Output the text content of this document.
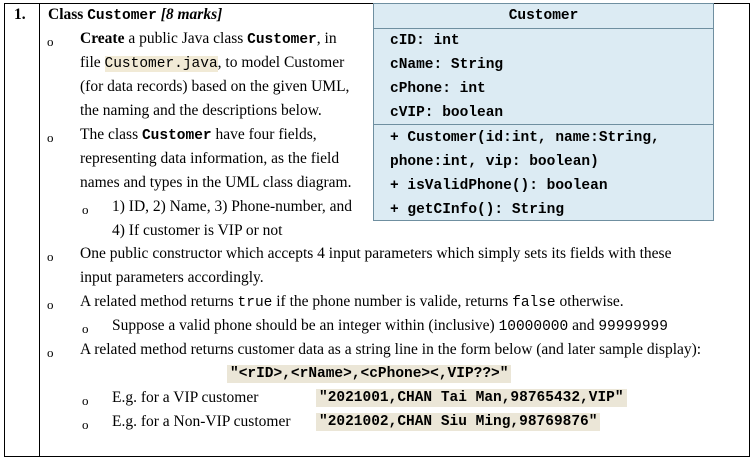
1. Class Customer [8 marks]
o Create a public Java class Customer, in
file Customer.java, to model Customer
(for data records) based on the given UML,
the naming and the descriptions below.
o The class Customer have four fields,
representing data information, as the field
names and types in the UML class diagram.
o 1) ID, 2) Name, 3) Phone-number, and
4) If customer is VIP or not
Customer
cID: int
cName: String
cPhone: int
cVIP: boolean
+ Customer(id:int, name:String,
phone:int, vip: boolean)
+ isValidPhone(): boolean
+ getCInfo(): String
o One public constructor which accepts 4 input parameters which simply sets its fields with these
input parameters accordingly.
o A related method returns true if the phone number is valide, returns false otherwise.
o Suppose a valid phone should be an integer within (inclusive) 10000000 and 99999999
o A related method returns customer data as a string line in the form below (and later sample display):
"<rID>,<rName>,<cPhone><,VIP??>"
o E.g. for a VIP customer	"2021001,CHAN Tai Man,98765432,VIP"
o E.g. for a Non-VIP customer "2021002,CHAN Siu Ming,98769876"
